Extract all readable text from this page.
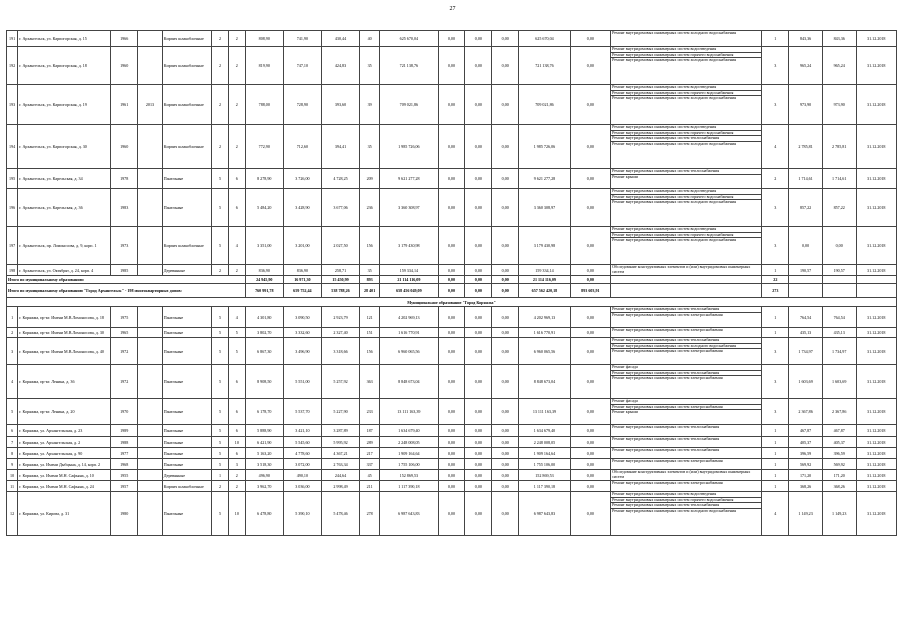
27
191	г. Архангельск, ул. Карпогорская, д. 15	1966		Кирпич шлакоблочные	2	2	808,90	741,90	430,44	40	625 670,04	0,00	0,00	0,00	625 670,04	0,00	Ремонт внутридомовых инженерных систем холодного водоснабжения	1	843,36	843,36	31.12.2018
192	г. Архангельск, ул. Карпогорская, д. 18	1960		Кирпич шлакоблочные	2	2	819,90	747,10	424,83	35	721 138,76	0,00	0,00	0,00	721 138,76	0,00	Ремонт внутридомовых инженерных систем водоотведения
Ремонт внутридомовых инженерных систем горячего водоснабжения
Ремонт внутридомовых инженерных систем холодного водоснабжения	3	965,24	965,24	31.12.2018
193	г. Архангельск, ул. Карпогорская, д. 19	1961	2013	Кирпич шлакоблочные	2	2	788,00	728,90	393,60	39	709 021,86	0,00	0,00	0,00	709 021,86	0,00	Ремонт внутридомовых инженерных систем водоотведения
Ремонт внутридомовых инженерных систем горячего водоснабжения
Ремонт внутридомовых инженерных систем холодного водоснабжения	3	973,90	973,90	31.12.2018
194	г. Архангельск, ул. Карпогорская, д. 30	1960		Кирпич шлакоблочные	2	2	772,90	712,60	394,41	35	1 985 726,06	0,00	0,00	0,00	1 985 726,06	0,00	Ремонт внутридомовых инженерных систем водоотведения
Ремонт внутридомовых инженерных систем горячего водоснабжения
Ремонт внутридомовых инженерных систем теплоснабжения
Ремонт внутридомовых инженерных систем холодного водоснабжения	4	2 785,81	2 785,81	31.12.2018
195	г. Архангельск, ул. Карельская, д. 34	1978		Панельные	5	6	8 278,90	3 726,00	4 728,25	209	9 621 277,28	0,00	0,00	0,00	9 621 277,28	0,00	Ремонт внутридомовых инженерных систем теплоснабжения
Ремонт крыши	2	1 714,61	1 714,61	31.12.2018
196	г. Архангельск, ул. Карельская, д. 36	1983		Панельные	5	6	5 484,20	3 428,90	3 677,06	236	3 360 308,97	0,00	0,00	0,00	3 360 308,97	0,00	Ремонт внутридомовых инженерных систем водоотведения
Ремонт внутридомовых инженерных систем горячего водоснабжения
Ремонт внутридомовых инженерных систем холодного водоснабжения	3	857,22	857,22	31.12.2018
197	г. Архангельск, пр. Ломоносова, д. 9, корп. 1	1973		Кирпич шлакоблочные	5	4	3 351,00	3 201,00	2 027,50	156	3 179 430,98	0,00	0,00	0,00	3 179 430,98	0,00	Ремонт внутридомовых инженерных систем водоотведения
Ремонт внутридомовых инженерных систем горячего водоснабжения
Ремонт внутридомовых инженерных систем холодного водоснабжения	3	0,00	0,00	31.12.2018
198	г. Архангельск, ул. Октябрят, д. 24, корп. 4	1985		Деревянные	2	2	836,90	836,90	258,71	35	159 334,14	0,00	0,00	0,00	159 334,14	0,00	Обследование конструктивных элементов и (или) внутридомовых инженерных систем	1	190,57	190,57	31.12.2018
Итого по муниципальному образованию:							24 945,90	16 971,30	15 450,99	893	21 114 116,09	0,00	0,00	0,00	21 114 116,09	0,00		22			
Итого по муниципальному образованию "Город Архангельск" - 198 многоквартирных домов:							760 991,78	659 752,44	538 788,26	28 401	658 456 049,09	0,00	0,00	0,00	657 562 420,18	893 603,91		273			
Муниципальное образование "Город Коряжма"																					
1	г. Коряжма, пр-кт. Имени М.В.Ломоносова, д. 18	1975		Панельные	5	4	4 301,80	3 090,50	2 923,79	121	4 202 969,13	0,00	0,00	0,00	4 202 969,13	0,00	Ремонт внутридомовых инженерных систем теплоснабжения
Ремонт внутридомовых инженерных систем электроснабжения	1	764,54	764,54	31.12.2018
2	г. Коряжма, пр-кт. Имени М.В.Ломоносова, д. 30	1965		Панельные	5	5	3 802,70	3 332,60	2 327,40	151	1 616 770,91	0,00	0,00	0,00	1 616 770,91	0,00	Ремонт внутридомовых инженерных систем электроснабжения	1	435,13	435,13	31.12.2018
3	г. Коряжма, пр-кт. Имени М.В.Ломоносова, д. 40	1972		Панельные	5	5	6 867,30	3 496,90	3 318,66	156	6 960 065,56	0,00	0,00	0,00	6 960 065,56	0,00	Ремонт внутридомовых инженерных систем теплоснабжения
Ремонт внутридомовых инженерных систем холодного водоснабжения
Ремонт внутридомовых инженерных систем электроснабжения	3	1 734,97	1 734,97	31.12.2018
4	г. Коряжма, пр-кт. Ленина, д. 36	1972		Панельные	5	6	8 908,50	5 551,00	5 257,92	363	8 848 673,04	0,00	0,00	0,00	8 848 673,04	0,00	Ремонт фасада
Ремонт внутридомовых инженерных систем теплоснабжения
Ремонт внутридомовых инженерных систем электроснабжения	3	1 603,69	1 603,69	31.12.2018
5	г. Коряжма, пр-кт. Ленина, д. 20	1970		Панельные	5	6	6 178,70	5 537,70	5 227,90	233	13 111 163,39	0,00	0,00	0,00	13 111 163,39	0,00	Ремонт фасада
Ремонт внутридомовых инженерных систем электроснабжения
Ремонт крыши	3	2 367,86	2 367,86	31.12.2018
6	г. Коряжма, ул. Архангельская, д. 23	1989		Панельные	5	6	5 888,90	3 421,10	3 287,89	187	1 634 679,40	0,00	0,00	0,00	1 634 679,40	0,00	Ремонт внутридомовых инженерных систем теплоснабжения	1	467,87	467,87	31.12.2018
7	г. Коряжма, ул. Архангельская, д. 2	1988		Панельные	5	10	6 421,90	5 545,60	5 995,92	289	2 248 008,05	0,00	0,00	0,00	2 248 008,05	0,00	Ремонт внутридомовых инженерных систем теплоснабжения	1	405,37	405,37	31.12.2018
8	г. Коряжма, ул. Архангельская, д. 90	1977		Панельные	5	6	5 163,20	4 778,60	4 367,21	217	1 909 164,64	0,00	0,00	0,00	1 909 164,64	0,00	Ремонт внутридомовых инженерных систем теплоснабжения	1	396,59	396,59	31.12.2018
9	г. Коряжма, ул. Имени Дыбцына, д. 14, корп. 2	1968		Панельные	5	3	3 518,30	3 072,00	2 763,34	337	1 755 106,00	0,00	0,00	0,00	1 755 106,00	0,00	Ремонт внутридомовых инженерных систем электроснабжения	1	569,92	569,92	31.12.2018
10	г. Коряжма, ул. Имени М.Н. Сафьяна, д. 10	1955		Деревянные	1	2	496,90	490,10	244,64	45	152 869,53	0,00	0,00	0,00	152 869,53	0,00	Обследование конструктивных элементов и (или) внутридомовых инженерных систем	1	171,20	171,20	31.12.2018
11	г. Коряжма, ул. Имени М.Н. Сафьяна, д. 24	1957		Кирпич шлакоблочные	2	2	3 962,70	3 036,00	2 998,49	211	1 117 390,18	0,00	0,00	0,00	1 117 390,18	0,00	Ремонт внутридомовых инженерных систем электроснабжения	1	368,26	368,26	31.12.2018
12	г. Коряжма, ул. Кирова, д. 31	1980		Панельные	5	10	6 478,80	5 390,10	5 478,46	278	6 987 643,83	0,00	0,00	0,00	6 987 643,83	0,00	Ремонт внутридомовых инженерных систем водоотведения
Ремонт внутридомовых инженерных систем горячего водоснабжения
Ремонт внутридомовых инженерных систем теплоснабжения
Ремонт внутридомовых инженерных систем холодного водоснабжения	4	1 149,23	1 149,23	31.12.2018
